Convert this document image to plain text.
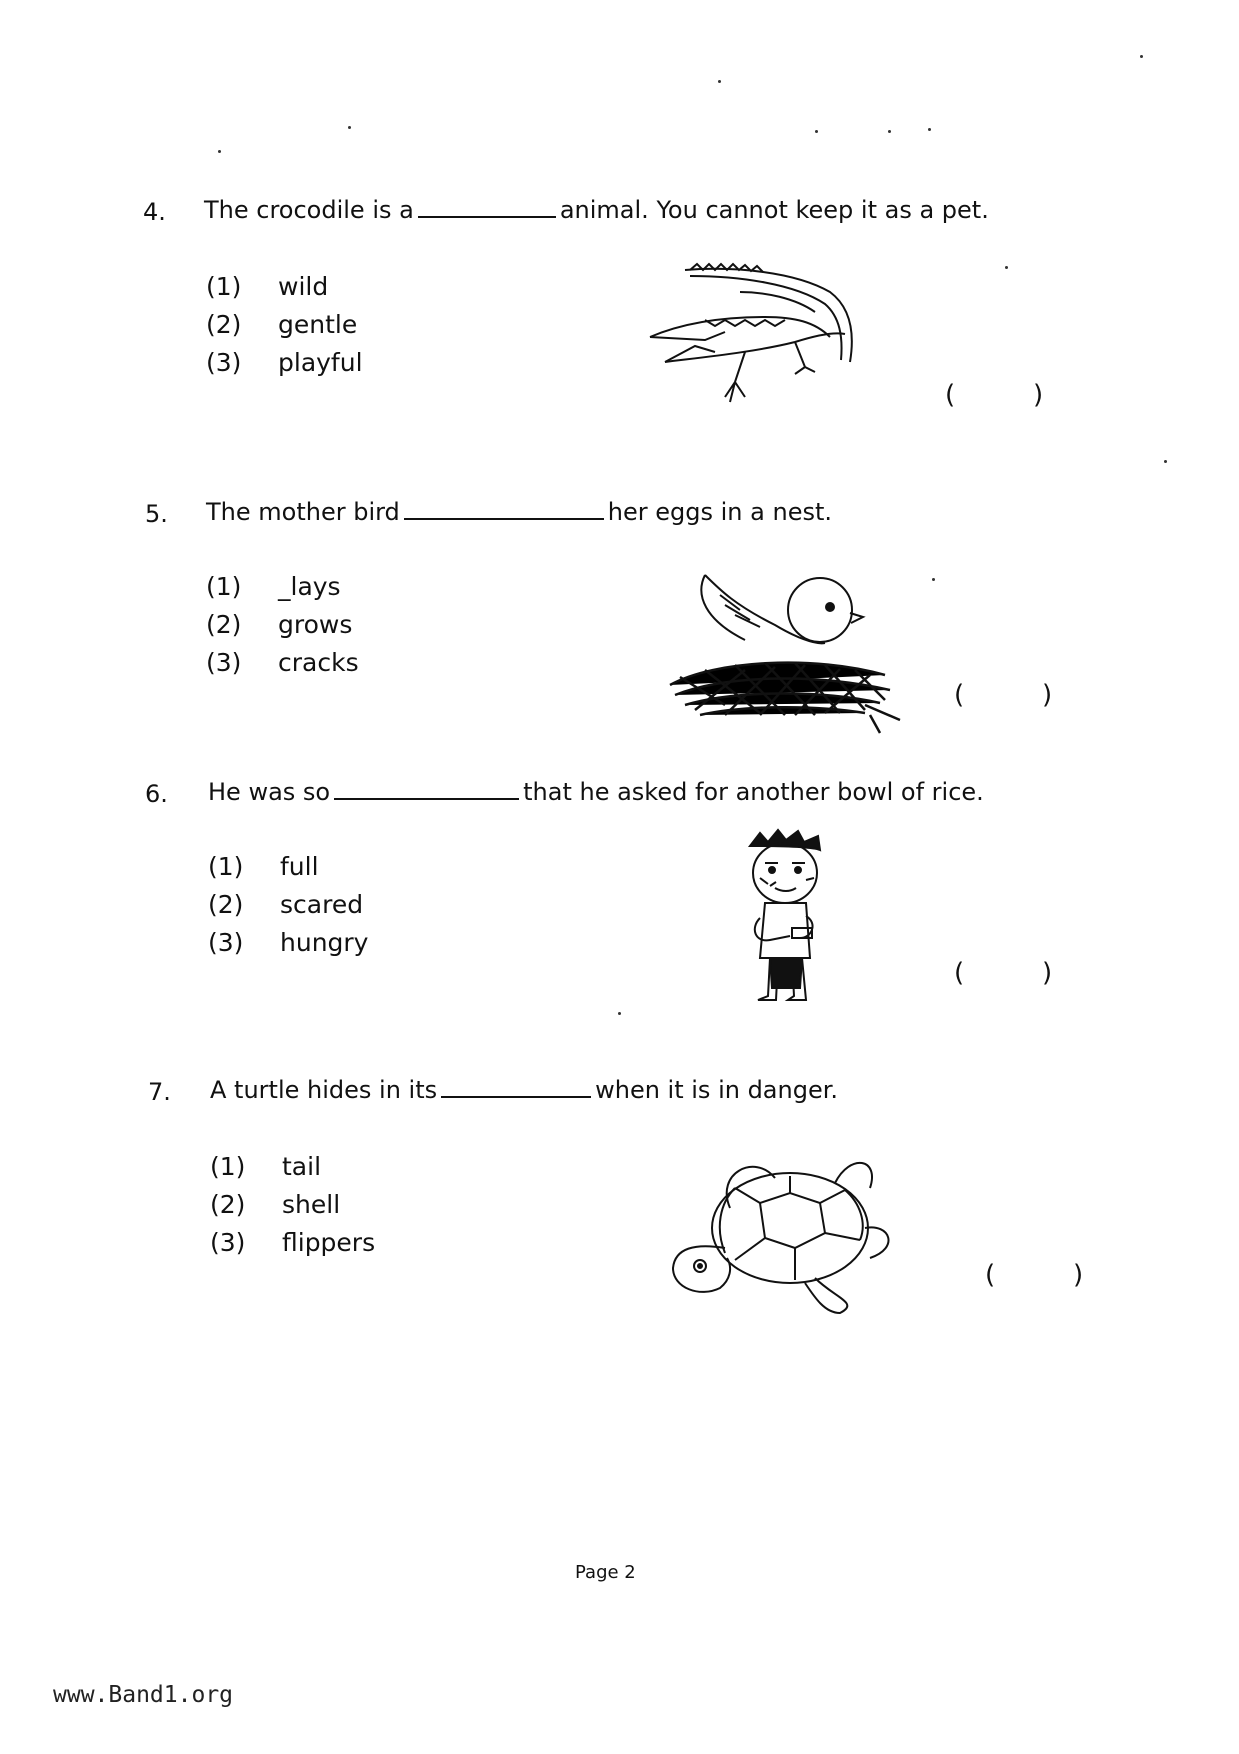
4. The crocodile is a	animal. You cannot keep it as a pet.
(1) wild
(2) gentle
(3) playful
(	)
5. The mother bird	her eggs in a nest.
(1) _lays
(2) grows
(3) cracks
(	)
6. He was so	that he asked for another bowl of rice.
(1) full
(2) scared
(3) hungry
(	)
7. A turtle hides in its	when it is in danger.
(1) tail
(2) shell
(3) flippers
(	)
Page 2
www.Band1.org
